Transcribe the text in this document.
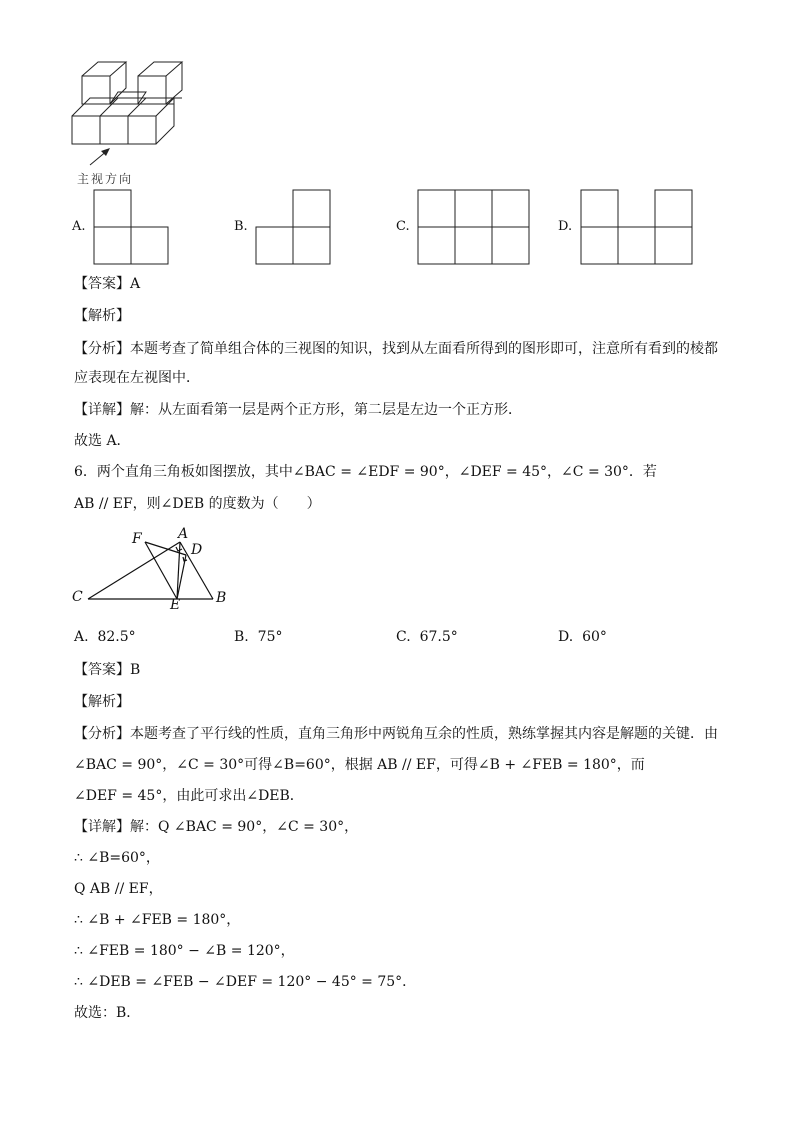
主视方向
A.	B.	C.	D.
【答案】A
【解析】
【分析】本题考查了简单组合体的三视图的知识，找到从左面看所得到的图形即可，注意所有看到的棱都
应表现在左视图中．
【详解】解：从左面看第一层是两个正方形，第二层是左边一个正方形．
故选 A．
6．两个直角三角板如图摆放，其中∠BAC = ∠EDF = 90°，∠DEF = 45°，∠C = 30°．若
AB // EF，则∠DEB 的度数为（　　）
F	A
D
C	E	B
A. 82.5°	B. 75°	C. 67.5°	D. 60°
【答案】B
【解析】
【分析】本题考查了平行线的性质，直角三角形中两锐角互余的性质，熟练掌握其内容是解题的关键．由
∠BAC = 90°，∠C = 30°可得∠B=60°，根据 AB // EF，可得∠B + ∠FEB = 180°，而
∠DEF = 45°，由此可求出∠DEB．
【详解】解：Q ∠BAC = 90°，∠C = 30°，
∴ ∠B=60°，
Q AB // EF，
∴ ∠B + ∠FEB = 180°，
∴ ∠FEB = 180° − ∠B = 120°，
∴ ∠DEB = ∠FEB − ∠DEF = 120° − 45° = 75°．
故选：B．
